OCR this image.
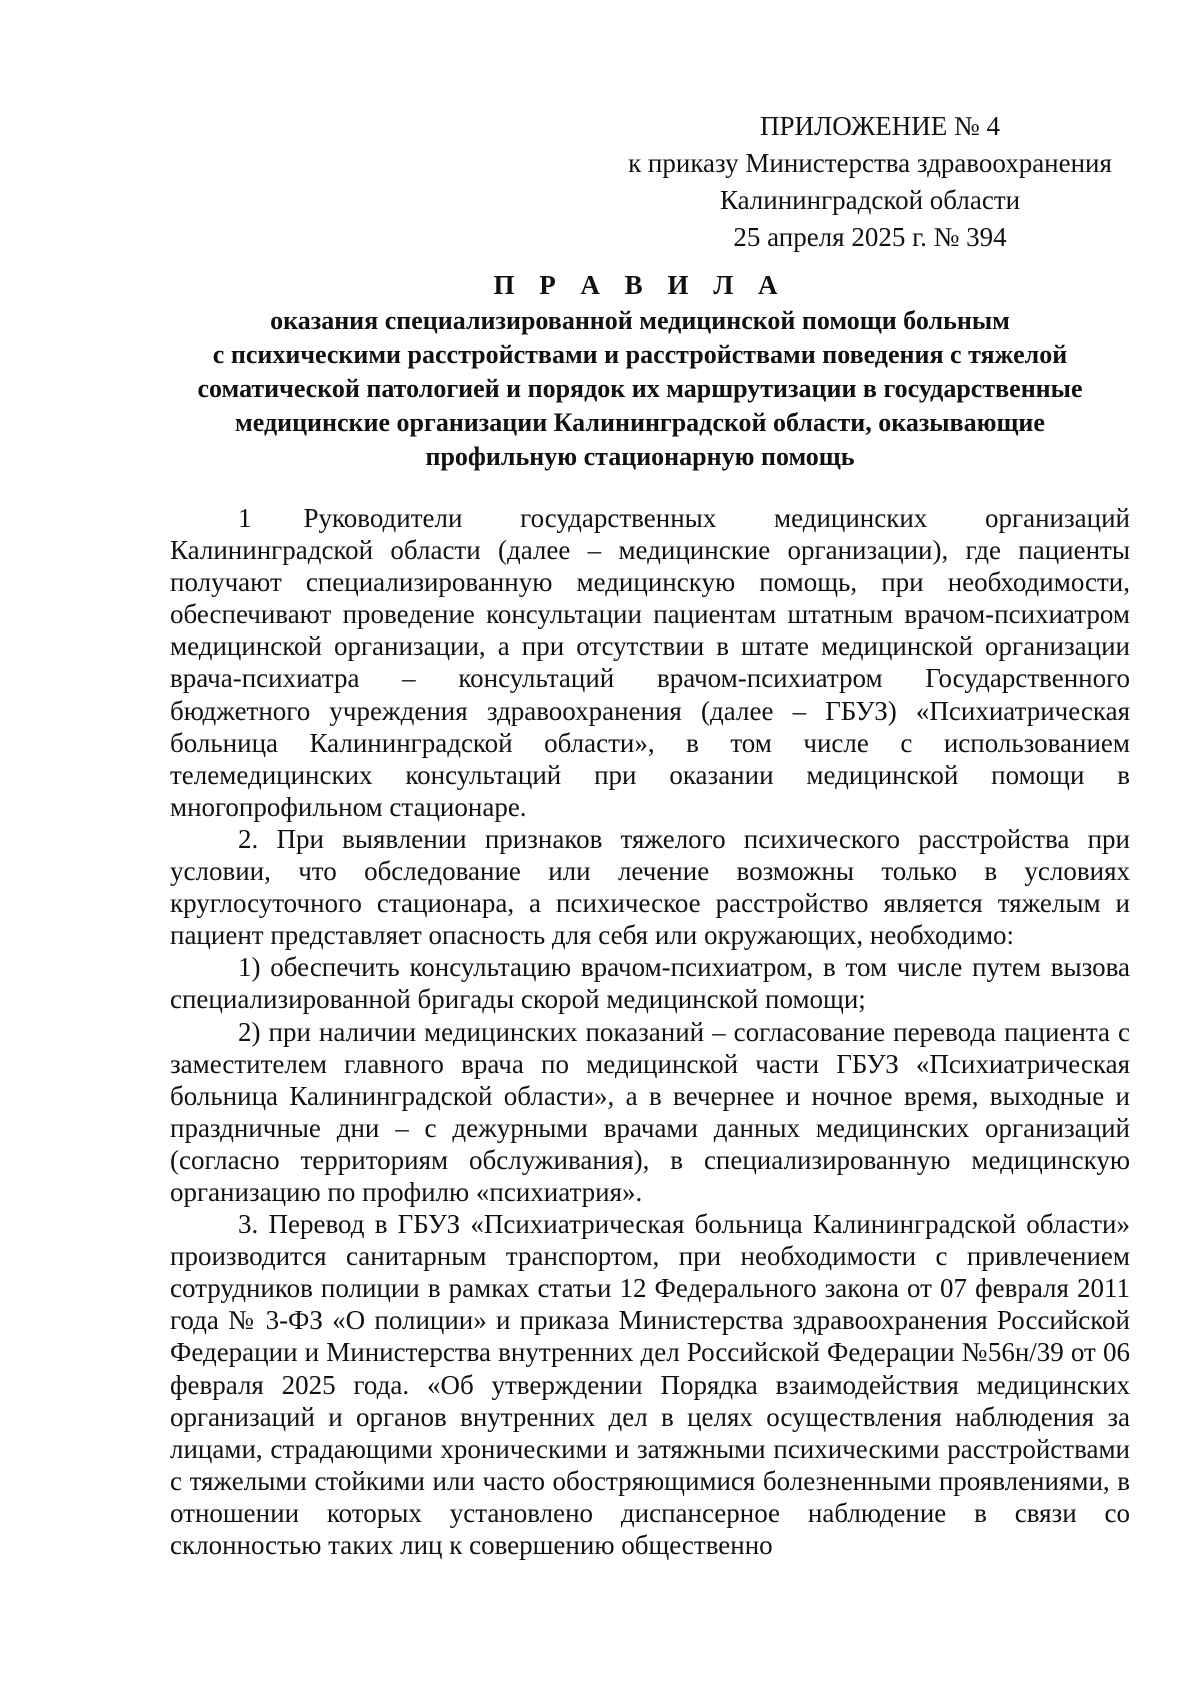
ПРИЛОЖЕНИЕ № 4
к приказу Министерства здравоохранения
Калининградской области
25 апреля 2025 г. № 394
П Р А В И Л А
оказания специализированной медицинской помощи больным
с психическими расстройствами и расстройствами поведения с тяжелой
соматической патологией и порядок их маршрутизации в государственные
медицинские организации Калининградской области, оказывающие
профильную стационарную помощь

1 Руководители государственных медицинских организаций Калининградской области (далее – медицинские организации), где пациенты получают специализированную медицинскую помощь, при необходимости, обеспечивают проведение консультации пациентам штатным врачом-психиатром медицинской организации, а при отсутствии в штате медицинской организации врача-психиатра – консультаций врачом-психиатром Государственного бюджетного учреждения здравоохранения (далее – ГБУЗ) «Психиатрическая больница Калининградской области», в том числе с использованием телемедицинских консультаций при оказании медицинской помощи в многопрофильном стационаре.

2. При выявлении признаков тяжелого психического расстройства при условии, что обследование или лечение возможны только в условиях круглосуточного стационара, а психическое расстройство является тяжелым и пациент представляет опасность для себя или окружающих, необходимо:

1) обеспечить консультацию врачом-психиатром, в том числе путем вызова специализированной бригады скорой медицинской помощи;

2) при наличии медицинских показаний – согласование перевода пациента с заместителем главного врача по медицинской части ГБУЗ «Психиатрическая больница Калининградской области», а в вечернее и ночное время, выходные и праздничные дни – с дежурными врачами данных медицинских организаций (согласно территориям обслуживания), в специализированную медицинскую организацию по профилю «психиатрия».

3. Перевод в ГБУЗ «Психиатрическая больница Калининградской области» производится санитарным транспортом, при необходимости с привлечением сотрудников полиции в рамках статьи 12 Федерального закона от 07 февраля 2011 года № 3-ФЗ «О полиции» и приказа Министерства здравоохранения Российской Федерации и Министерства внутренних дел Российской Федерации №56н/39 от 06 февраля 2025 года. «Об утверждении Порядка взаимодействия медицинских организаций и органов внутренних дел в целях осуществления наблюдения за лицами, страдающими хроническими и затяжными психическими расстройствами с тяжелыми стойкими или часто обостряющимися болезненными проявлениями, в отношении которых установлено диспансерное наблюдение в связи со склонностью таких лиц к совершению общественно
